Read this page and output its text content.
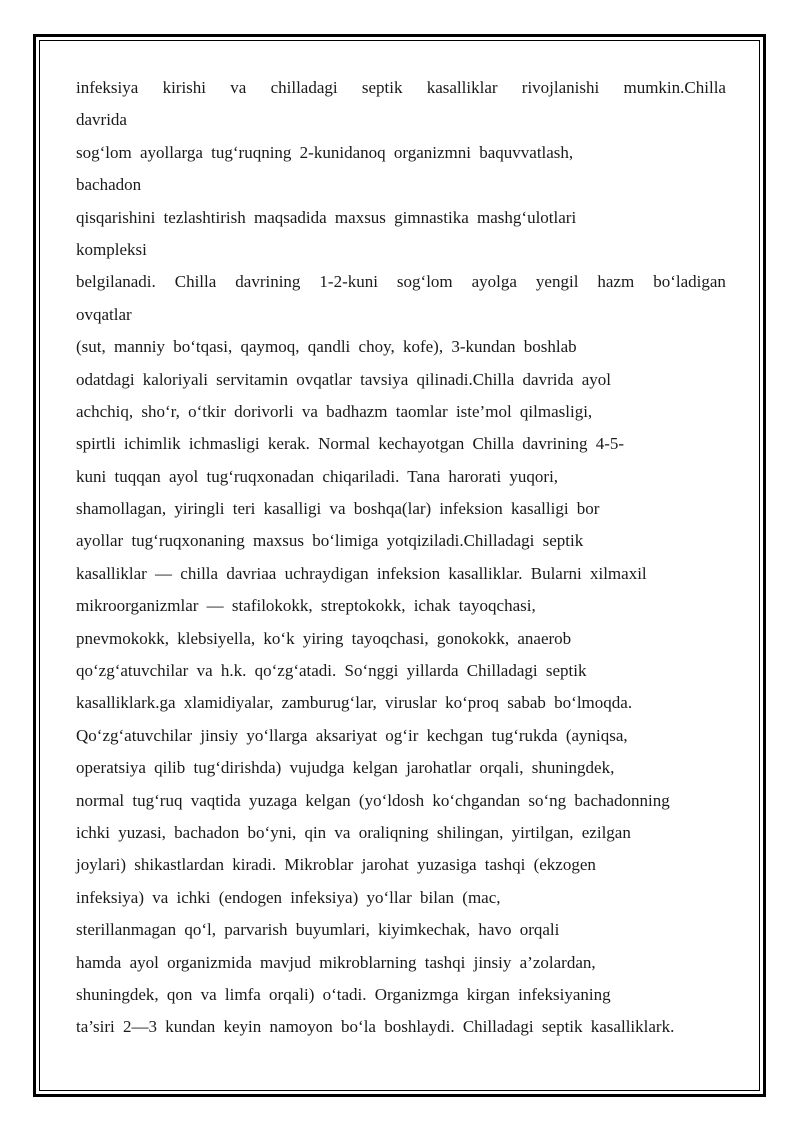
infeksiya kirishi va chilladagi septik kasalliklar rivojlanishi mumkin.Chilla
davrida
sog‘lom ayollarga tug‘ruqning 2-kunidanoq organizmni baquvvatlash,
bachadon
qisqarishini tezlashtirish maqsadida maxsus gimnastika mashg‘ulotlari
kompleksi
belgilanadi. Chilla davrining 1-2-kuni sog‘lom ayolga yengil hazm bo‘ladigan
ovqatlar
(sut, manniy bo‘tqasi, qaymoq, qandli choy, kofe), 3-kundan boshlab
odatdagi kaloriyali servitamin ovqatlar tavsiya qilinadi.Chilla davrida ayol
achchiq, sho‘r, o‘tkir dorivorli va badhazm taomlar iste’mol qilmasligi,
spirtli ichimlik ichmasligi kerak. Normal kechayotgan Chilla davrining 4-5-
kuni tuqqan ayol tug‘ruqxonadan chiqariladi. Tana harorati yuqori,
shamollagan, yiringli teri kasalligi va boshqa(lar) infeksion kasalligi bor
ayollar tug‘ruqxonaning maxsus bo‘limiga yotqiziladi.Chilladagi septik
kasalliklar — chilla davriaa uchraydigan infeksion kasalliklar. Bularni xilmaxil
mikroorganizmlar — stafilokokk, streptokokk, ichak tayoqchasi,
pnevmokokk, klebsiyella, ko‘k yiring tayoqchasi, gonokokk, anaerob
qo‘zg‘atuvchilar va h.k. qo‘zg‘atadi. So‘nggi yillarda Chilladagi septik
kasalliklark.ga xlamidiyalar, zamburug‘lar, viruslar ko‘proq sabab bo‘lmoqda.
Qo‘zg‘atuvchilar jinsiy yo‘llarga aksariyat og‘ir kechgan tug‘rukda (ayniqsa,
operatsiya qilib tug‘dirishda) vujudga kelgan jarohatlar orqali, shuningdek,
normal tug‘ruq vaqtida yuzaga kelgan (yo‘ldosh ko‘chgandan so‘ng bachadonning
ichki yuzasi, bachadon bo‘yni, qin va oraliqning shilingan, yirtilgan, ezilgan
joylari) shikastlardan kiradi. Mikroblar jarohat yuzasiga tashqi (ekzogen
infeksiya) va ichki (endogen infeksiya) yo‘llar bilan (mac,
sterillanmagan qo‘l, parvarish buyumlari, kiyimkechak, havo orqali
hamda ayol organizmida mavjud mikroblarning tashqi jinsiy a’zolardan,
shuningdek, qon va limfa orqali) o‘tadi. Organizmga kirgan infeksiyaning
ta’siri 2—3 kundan keyin namoyon bo‘la boshlaydi. Chilladagi septik kasalliklark.
